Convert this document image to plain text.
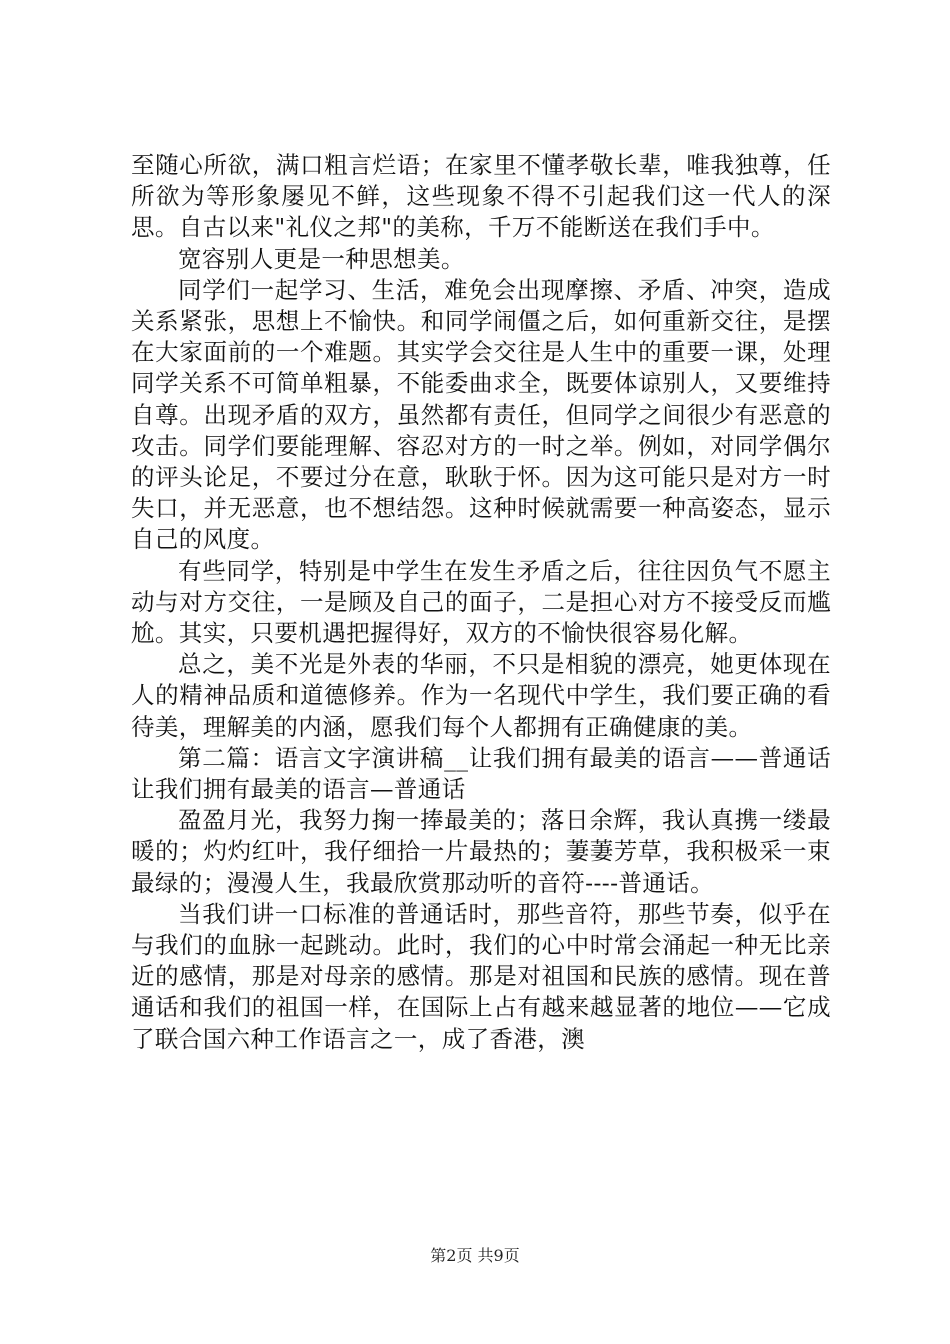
至随心所欲，满口粗言烂语；在家里不懂孝敬长辈，唯我独尊，任所欲为等形象屡见不鲜，这些现象不得不引起我们这一代人的深思。自古以来"礼仪之邦"的美称，千万不能断送在我们手中。

宽容别人更是一种思想美。

同学们一起学习、生活，难免会出现摩擦、矛盾、冲突，造成关系紧张，思想上不愉快。和同学闹僵之后，如何重新交往，是摆在大家面前的一个难题。其实学会交往是人生中的重要一课，处理同学关系不可简单粗暴，不能委曲求全，既要体谅别人，又要维持自尊。出现矛盾的双方，虽然都有责任，但同学之间很少有恶意的攻击。同学们要能理解、容忍对方的一时之举。例如，对同学偶尔的评头论足，不要过分在意，耿耿于怀。因为这可能只是对方一时失口，并无恶意，也不想结怨。这种时候就需要一种高姿态，显示自己的风度。

有些同学，特别是中学生在发生矛盾之后，往往因负气不愿主动与对方交往，一是顾及自己的面子，二是担心对方不接受反而尴尬。其实，只要机遇把握得好，双方的不愉快很容易化解。

总之，美不光是外表的华丽，不只是相貌的漂亮，她更体现在人的精神品质和道德修养。作为一名现代中学生，我们要正确的看待美，理解美的内涵，愿我们每个人都拥有正确健康的美。

第二篇：语言文字演讲稿__让我们拥有最美的语言——普通话让我们拥有最美的语言—普通话

盈盈月光，我努力掬一捧最美的；落日余辉，我认真携一缕最暖的；灼灼红叶，我仔细拾一片最热的；萋萋芳草，我积极采一束最绿的；漫漫人生，我最欣赏那动听的音符----普通话。

当我们讲一口标准的普通话时，那些音符，那些节奏，似乎在与我们的血脉一起跳动。此时，我们的心中时常会涌起一种无比亲近的感情，那是对母亲的感情。那是对祖国和民族的感情。现在普通话和我们的祖国一样，在国际上占有越来越显著的地位——它成了联合国六种工作语言之一，成了香港，澳

第2页 共9页
